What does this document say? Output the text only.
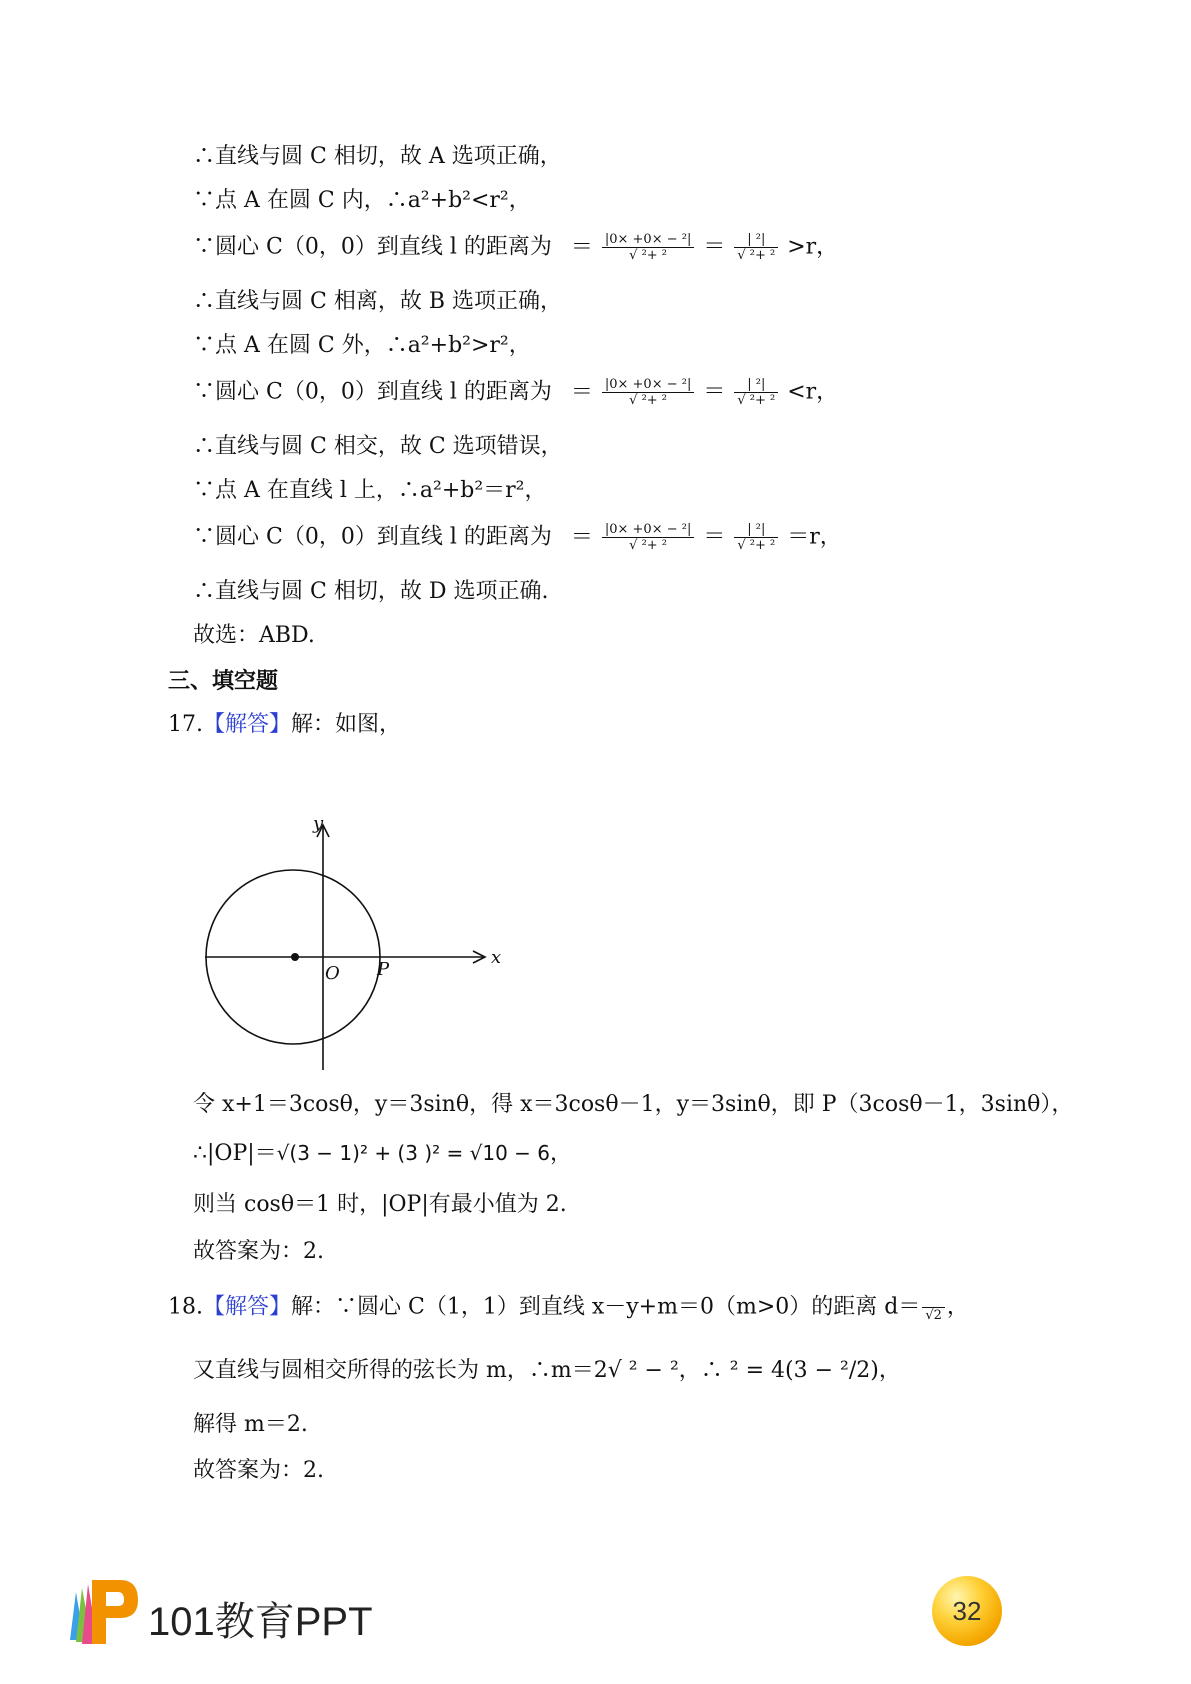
∴直线与圆 C 相切，故 A 选项正确，
∵点 A 在圆 C 内，∴a²+b²<r²，
∵圆心 C（0，0）到直线 l 的距离为 ＝ $\frac{\text{|0× +0× − ²|}}{\text{√ ²+ ²}} = \frac{\text{| ²|}}{\text{√ ²+ ²}} >r$，
∴直线与圆 C 相离，故 B 选项正确，
∵点 A 在圆 C 外，∴a²+b²>r²，
∵圆心 C（0，0）到直线 l 的距离为 ＝ $\frac{\text{|0× +0× − ²|}}{\text{√ ²+ ²}} = \frac{\text{| ²|}}{\text{√ ²+ ²}} <r$，
∴直线与圆 C 相交，故 C 选项错误，
∵点 A 在直线 l 上，∴a²+b²＝r²，
∵圆心 C（0，0）到直线 l 的距离为 ＝ $\frac{\text{|0× +0× − ²|}}{\text{√ ²+ ²}} = \frac{\text{| ²|}}{\text{√ ²+ ²}} =r$，
∴直线与圆 C 相切，故 D 选项正确.
故选：ABD.
三、填空题
17.【解答】解：如图，
y
x
O P
令 x+1＝3cosθ，y＝3sinθ，得 x＝3cosθ－1，y＝3sinθ，即 P（3cosθ－1，3sinθ），
∴|OP|＝√(3 − 1)² + (3 )² = √10 − 6，
则当 cosθ＝1 时，|OP|有最小值为 2.
故答案为：2.
18.【解答】解：∵圆心 C（1，1）到直线 x－y+m＝0（m>0）的距离 d＝
√2 ，
又直线与圆相交所得的弦长为 m，∴m＝2√ ² − ²，∴ ² = 4(3 − ²/2)，
解得 m＝2.
故答案为：2.
101教育PPT	32
